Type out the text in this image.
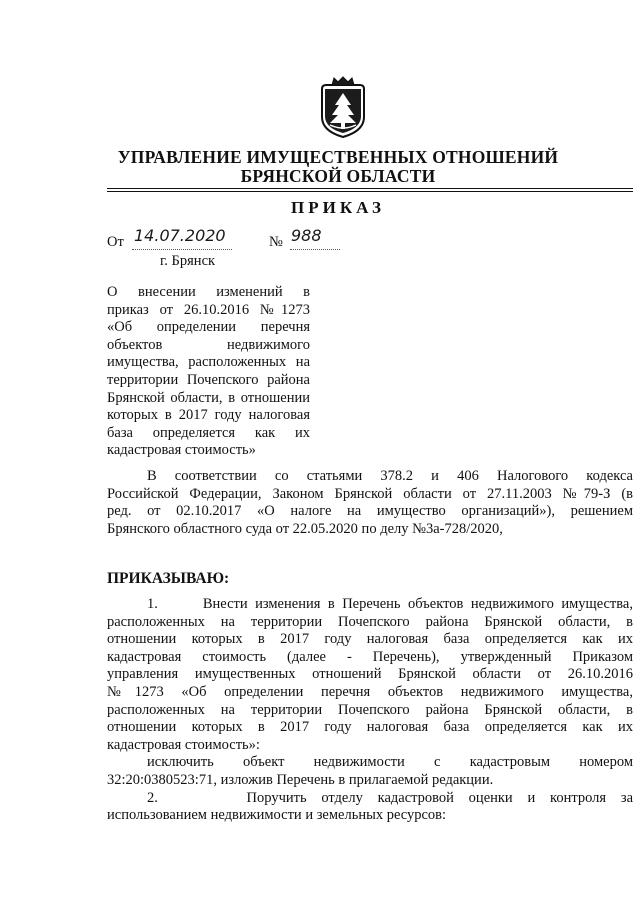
УПРАВЛЕНИЕ ИМУЩЕСТВЕННЫХ ОТНОШЕНИЙ
БРЯНСКОЙ ОБЛАСТИ
ПРИКАЗ
От 14.07.2020	№ 988
г. Брянск

О внесении изменений в

приказ от 26.10.2016 №1273

«Об определении перечня

объектов недвижимого

имущества, расположенных на

территории Почепского района

Брянской области, в отношении

которых в 2017 году налоговая

база определяется как их

кадастровая стоимость»

В соответствии со статьями 378.2 и 406 Налогового кодекса
Российской Федерации, Законом Брянской области от 27.11.2003 №79-З (в
ред. от 02.10.2017 «О налоге на имущество организаций»), решением
Брянского областного суда от 22.05.2020 по делу №3а-728/2020,
ПРИКАЗЫВАЮ:
1.      Внести изменения в Перечень объектов недвижимого имущества,
расположенных на территории Почепского района Брянской области, в
отношении которых в 2017 году налоговая база определяется как их
кадастровая стоимость (далее - Перечень), утвержденный Приказом
управления имущественных отношений Брянской области от 26.10.2016
№1273 «Об определении перечня объектов недвижимого имущества,
расположенных на территории Почепского района Брянской области, в
отношении которых в 2017 году налоговая база определяется как их
кадастровая стоимость»:
исключить объект недвижимости с кадастровым номером
32:20:0380523:71, изложив Перечень в прилагаемой редакции.
2.      Поручить отделу кадастровой оценки и контроля за
использованием недвижимости и земельных ресурсов:
